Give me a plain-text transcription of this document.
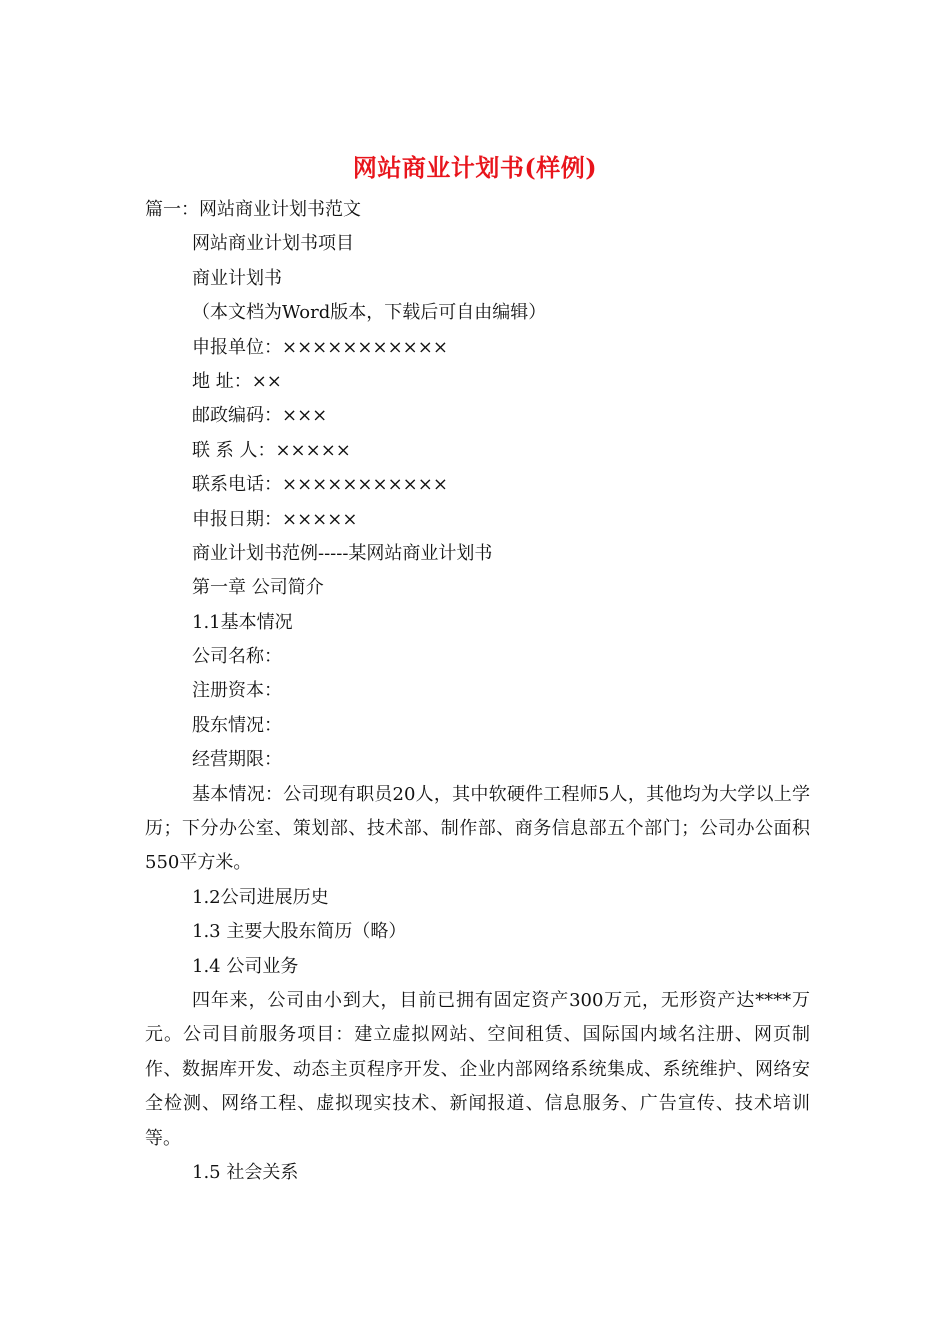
网站商业计划书(样例)
篇一：网站商业计划书范文
网站商业计划书项目
商业计划书
（本文档为Word版本，下载后可自由编辑）
申报单位：×××××××××××
地 址：××
邮政编码：×××
联 系 人：×××××
联系电话：×××××××××××
申报日期：×××××
商业计划书范例-----某网站商业计划书
第一章 公司简介
1.1基本情况
公司名称：
注册资本：
股东情况：
经营期限：
基本情况：公司现有职员20人，其中软硬件工程师5人，其他均为大学以上学历；下分办公室、策划部、技术部、制作部、商务信息部五个部门；公司办公面积550平方米。
1.2公司进展历史
1.3 主要大股东简历（略）
1.4 公司业务
四年来，公司由小到大，目前已拥有固定资产300万元，无形资产达****万元。公司目前服务项目：建立虚拟网站、空间租赁、国际国内域名注册、网页制作、数据库开发、动态主页程序开发、企业内部网络系统集成、系统维护、网络安全检测、网络工程、虚拟现实技术、新闻报道、信息服务、广告宣传、技术培训等。
1.5 社会关系
